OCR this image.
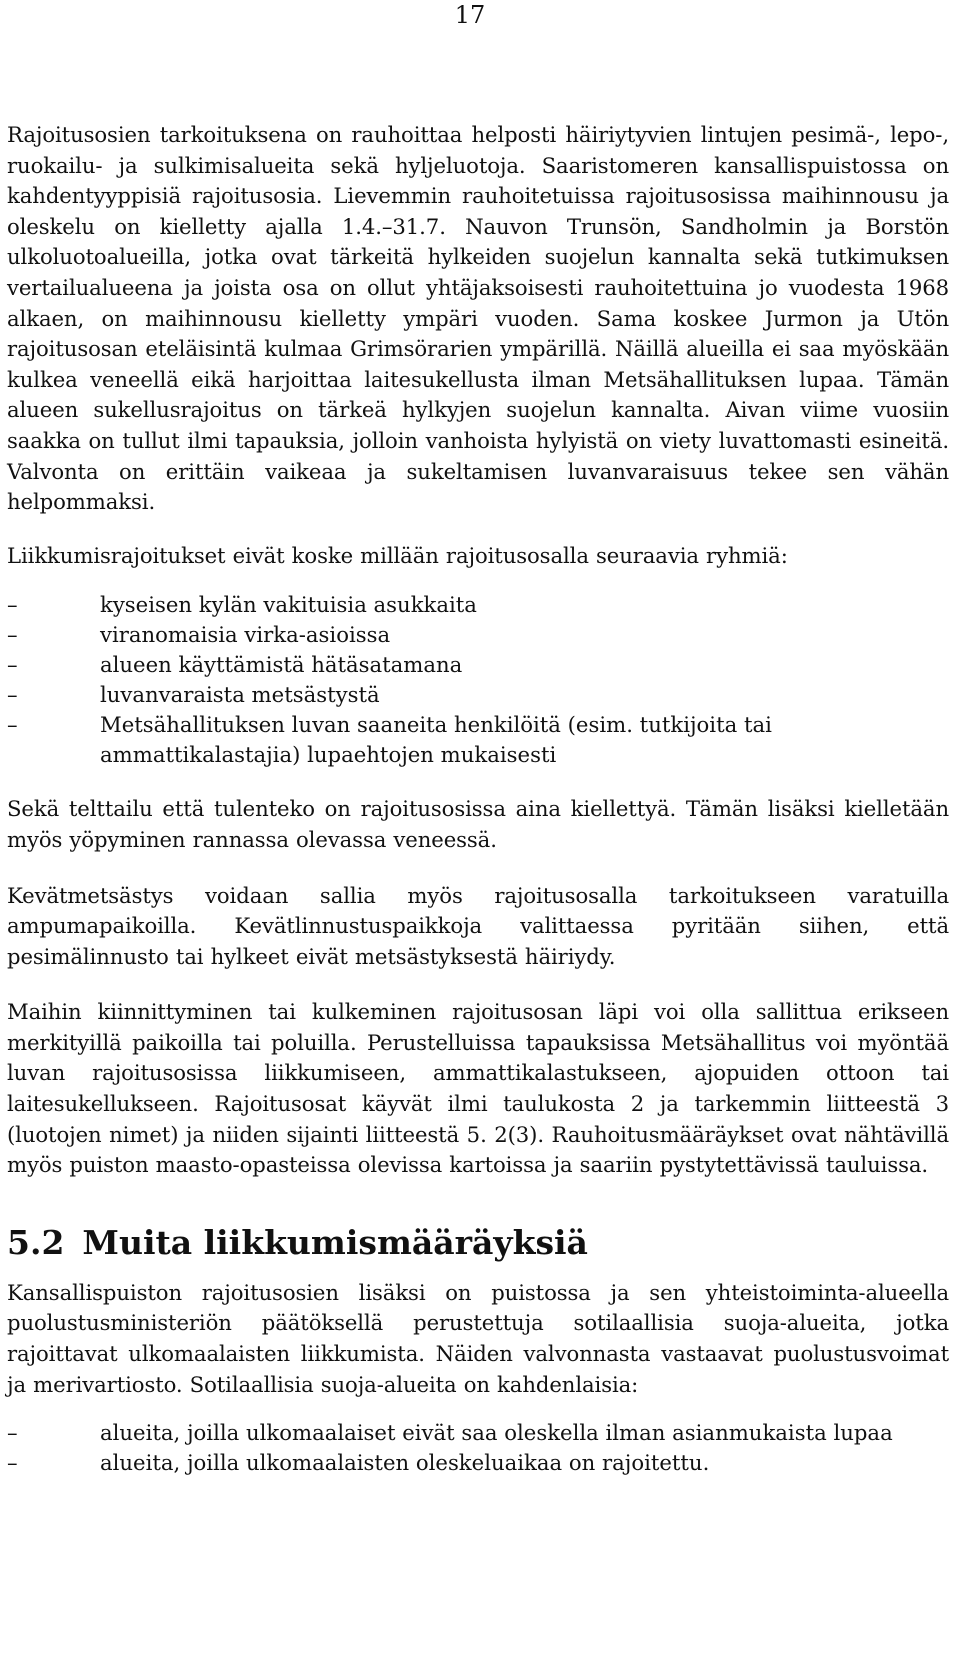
17

Rajoitusosien tarkoituksena on rauhoittaa helposti häiriytyvien lintujen pesimä-, lepo-, ruokailu- ja sulkimisalueita sekä hyljeluotoja. Saaristomeren kansallispuistossa on kahdentyyppisiä rajoitusosia. Lievemmin rauhoitetuissa rajoitusosissa maihinnousu ja oleskelu on kielletty ajalla 1.4.–31.7. Nauvon Trunsön, Sandholmin ja Borstön ulkoluotoalueilla, jotka ovat tärkeitä hylkeiden suojelun kannalta sekä tutkimuksen vertailualueena ja joista osa on ollut yhtäjaksoisesti rauhoitettuina jo vuodesta 1968 alkaen, on maihinnousu kielletty ympäri vuoden. Sama koskee Jurmon ja Utön rajoitusosan eteläisintä kulmaa Grimsörarien ympärillä. Näillä alueilla ei saa myöskään kulkea veneellä eikä harjoittaa laitesukellusta ilman Metsähallituksen lupaa. Tämän alueen sukellusrajoitus on tärkeä hylkyjen suojelun kannalta. Aivan viime vuosiin saakka on tullut ilmi tapauksia, jolloin vanhoista hylyistä on viety luvattomasti esineitä. Valvonta on erittäin vaikeaa ja sukeltamisen luvanvaraisuus tekee sen vähän helpommaksi.

Liikkumisrajoitukset eivät koske millään rajoitusosalla seuraavia ryhmiä:

–	kyseisen kylän vakituisia asukkaita
–	viranomaisia virka-asioissa
–	alueen käyttämistä hätäsatamana
–	luvanvaraista metsästystä
–	Metsähallituksen luvan saaneita henkilöitä (esim. tutkijoita tai ammattikalastajia) lupaehtojen mukaisesti

Sekä telttailu että tulenteko on rajoitusosissa aina kiellettyä. Tämän lisäksi kielletään myös yöpyminen rannassa olevassa veneessä.

Kevätmetsästys voidaan sallia myös rajoitusosalla tarkoitukseen varatuilla ampumapaikoilla. Kevätlinnustuspaikkoja valittaessa pyritään siihen, että pesimälinnusto tai hylkeet eivät metsästyksestä häiriydy.

Maihin kiinnittyminen tai kulkeminen rajoitusosan läpi voi olla sallittua erikseen merkityillä paikoilla tai poluilla. Perustelluissa tapauksissa Metsähallitus voi myöntää luvan rajoitusosissa liikkumiseen, ammattikalastukseen, ajopuiden ottoon tai laitesukellukseen. Rajoitusosat käyvät ilmi taulukosta 2 ja tarkemmin liitteestä 3 (luotojen nimet) ja niiden sijainti liitteestä 5. 2(3). Rauhoitusmääräykset ovat nähtävillä myös puiston maasto-opasteissa olevissa kartoissa ja saariin pystytettävissä tauluissa.

5.2 Muita liikkumismääräyksiä

Kansallispuiston rajoitusosien lisäksi on puistossa ja sen yhteistoiminta-alueella puolustusministeriön päätöksellä perustettuja sotilaallisia suoja-alueita, jotka rajoittavat ulkomaalaisten liikkumista. Näiden valvonnasta vastaavat puolustusvoimat ja merivartiosto. Sotilaallisia suoja-alueita on kahdenlaisia:

–	alueita, joilla ulkomaalaiset eivät saa oleskella ilman asianmukaista lupaa
–	alueita, joilla ulkomaalaisten oleskeluaikaa on rajoitettu.
